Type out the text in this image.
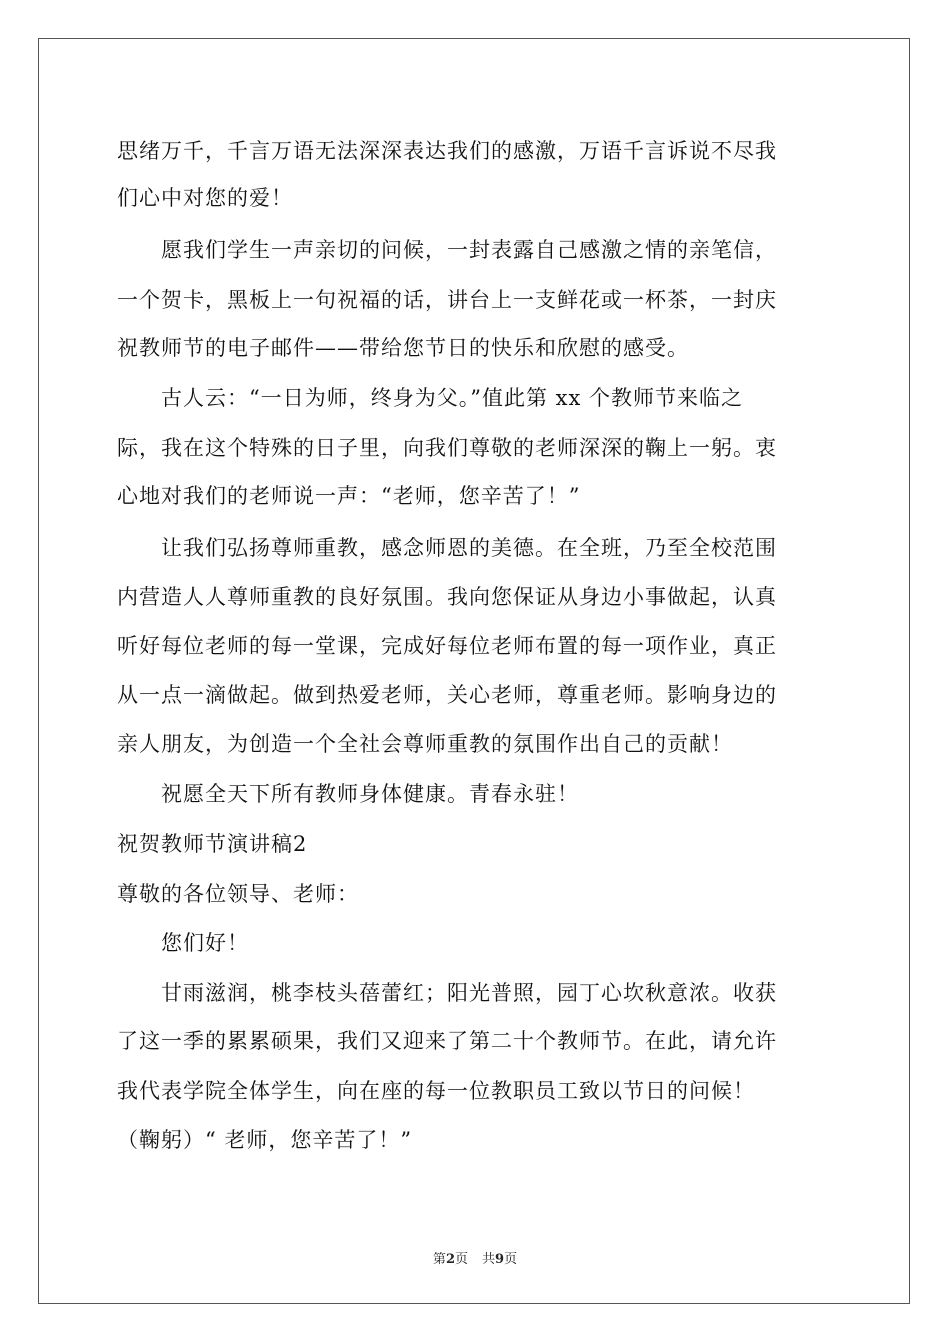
思绪万千，千言万语无法深深表达我们的感激，万语千言诉说不尽我
们心中对您的爱！
愿我们学生一声亲切的问候，一封表露自己感激之情的亲笔信，
一个贺卡，黑板上一句祝福的话，讲台上一支鲜花或一杯茶，一封庆
祝教师节的电子邮件——带给您节日的快乐和欣慰的感受。
古人云：“一日为师，终身为父。”值此第 xx 个教师节来临之
际，我在这个特殊的日子里，向我们尊敬的老师深深的鞠上一躬。衷
心地对我们的老师说一声：“老师，您辛苦了！”
让我们弘扬尊师重教，感念师恩的美德。在全班，乃至全校范围
内营造人人尊师重教的良好氛围。我向您保证从身边小事做起，认真
听好每位老师的每一堂课，完成好每位老师布置的每一项作业，真正
从一点一滴做起。做到热爱老师，关心老师，尊重老师。影响身边的
亲人朋友，为创造一个全社会尊师重教的氛围作出自己的贡献！
祝愿全天下所有教师身体健康。青春永驻！
祝贺教师节演讲稿2
尊敬的各位领导、老师：
您们好！
甘雨滋润，桃李枝头蓓蕾红；阳光普照，园丁心坎秋意浓。收获
了这一季的累累硕果，我们又迎来了第二十个教师节。在此，请允许
我代表学院全体学生，向在座的每一位教职员工致以节日的问候！
（鞠躬）“ 老师，您辛苦了！”
第2页 共9页
